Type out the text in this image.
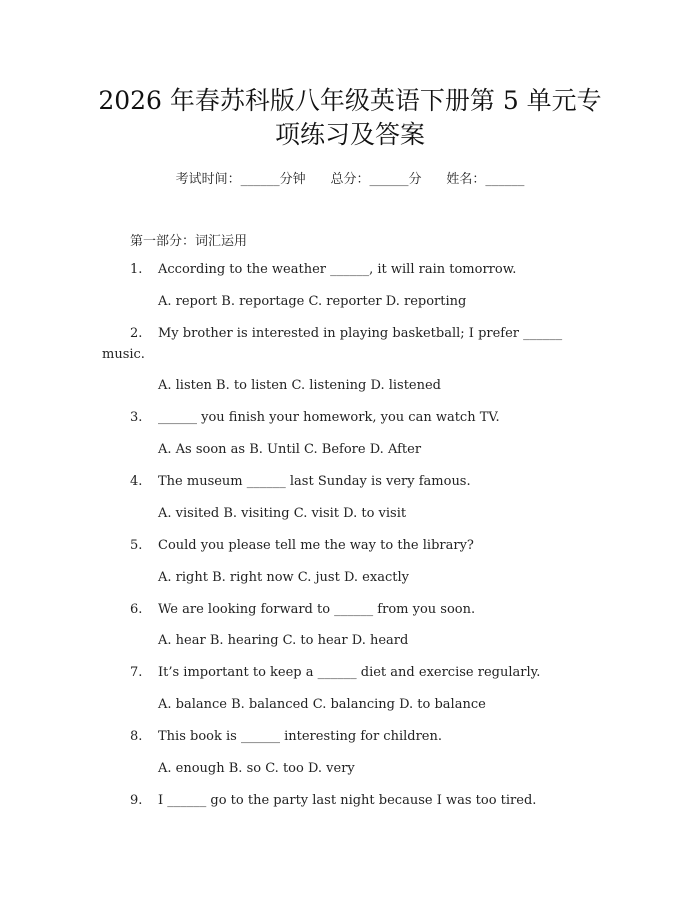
2026 年春苏科版八年级英语下册第 5 单元专
项练习及答案
考试时间：______分钟 总分：______分 姓名：______
第一部分：词汇运用
1. According to the weather ______, it will rain tomorrow.
A. report B. reportage C. reporter D. reporting
2. My brother is interested in playing basketball; I prefer ______
music.
A. listen B. to listen C. listening D. listened
3. ______ you finish your homework, you can watch TV.
A. As soon as B. Until C. Before D. After
4. The museum ______ last Sunday is very famous.
A. visited B. visiting C. visit D. to visit
5. Could you please tell me the way to the library?
A. right B. right now C. just D. exactly
6. We are looking forward to ______ from you soon.
A. hear B. hearing C. to hear D. heard
7. It’s important to keep a ______ diet and exercise regularly.
A. balance B. balanced C. balancing D. to balance
8. This book is ______ interesting for children.
A. enough B. so C. too D. very
9. I ______ go to the party last night because I was too tired.
